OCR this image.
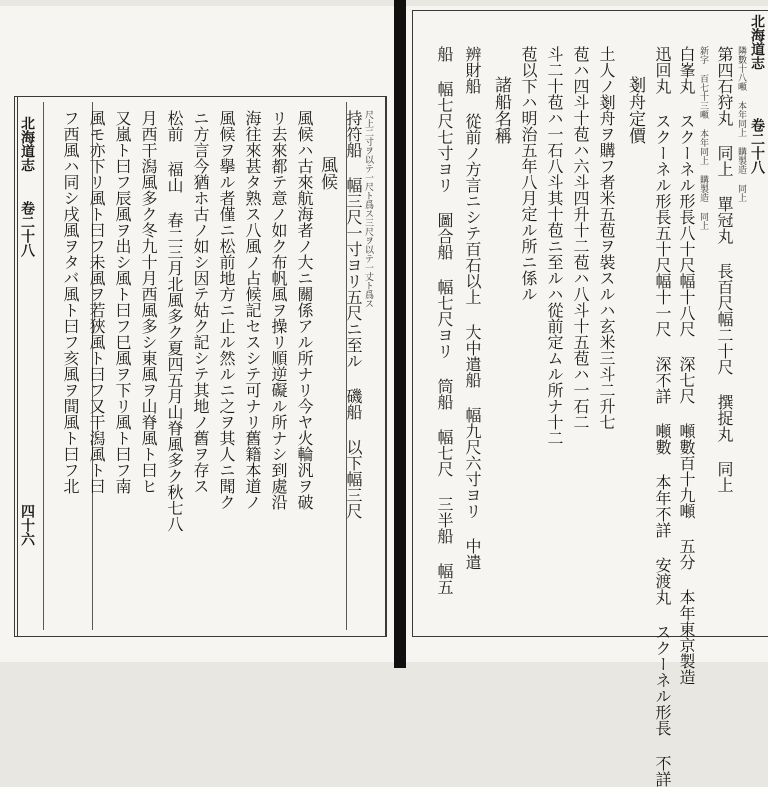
北海道志
卷二十八
四十六
尺上二寸ヲ以テ一尺ト爲ス三尺ヲ以テ一丈ト爲ス
持符船 幅三尺一寸ヨリ五尺ニ至ル 磯船 以下幅三尺
風候
風候ハ古來航海者ノ大ニ關係アル所ナリ今ヤ火輪汎ヲ破
リ去來都テ意ノ如ク布帆風ヲ操リ順逆礙ル所ナシ到處沿
海往來甚タ熟ス八風ノ占候記セスシテ可ナリ舊籍本道ノ
風候ヲ擧ル者僅ニ松前地方ニ止ル然ルニ之ヲ其人ニ聞ク
ニ方言今猶ホ古ノ如シ因テ姑ク記シテ其地ノ舊ヲ存ス
松前 福山 春二三月北風多ク夏四五月山脊風多ク秋七八
月西干潟風多ク冬九十月西風多シ東風ヲ山脊風ト曰ヒ
又嵐ト曰フ辰風ヲ出シ風ト曰フ巳風ヲ下リ風ト曰フ南
風モ亦下リ風ト曰フ未風ヲ若狹風ト曰フ又干潟風ト曰
フ西風ハ同シ戌風ヲタバ風ト曰フ亥風ヲ間風ト曰フ北
北海道志
卷二十八
隣數十八噸 本年同上 購製造 同上
第四石狩丸 同上 單冠丸 長百尺幅二十尺 撰捉丸 同上
新字 百七十三噸 本年同上 購製造 同上
白峯丸 スクーネル形長八十尺幅十八尺 深七尺 噸數百十九噸 五分 本年東京製造
迅回丸 スクーネル形長五十尺幅十一尺 深不詳 噸數 本年不詳 安渡丸 スクーネル形長 不詳
剗舟定價
土人ノ剗舟ヲ購フ者米五苞ヲ裝スルハ玄米三斗二升七
苞ハ四斗十苞ハ六斗四升十二苞ハ八斗十五苞ハ一石二
斗二十苞ハ一石八斗其十苞ニ至ルハ從前定ムル所ナ十二
苞以下ハ明治五年八月定ル所ニ係ル
諸船名稱
辨財船 從前ノ方言ニシテ百石以上 大中遣船 幅九尺六寸ヨリ 中遣
船 幅七尺七寸ヨリ 圖合船 幅七尺ヨリ 筒船 幅七尺 三半船 幅五
